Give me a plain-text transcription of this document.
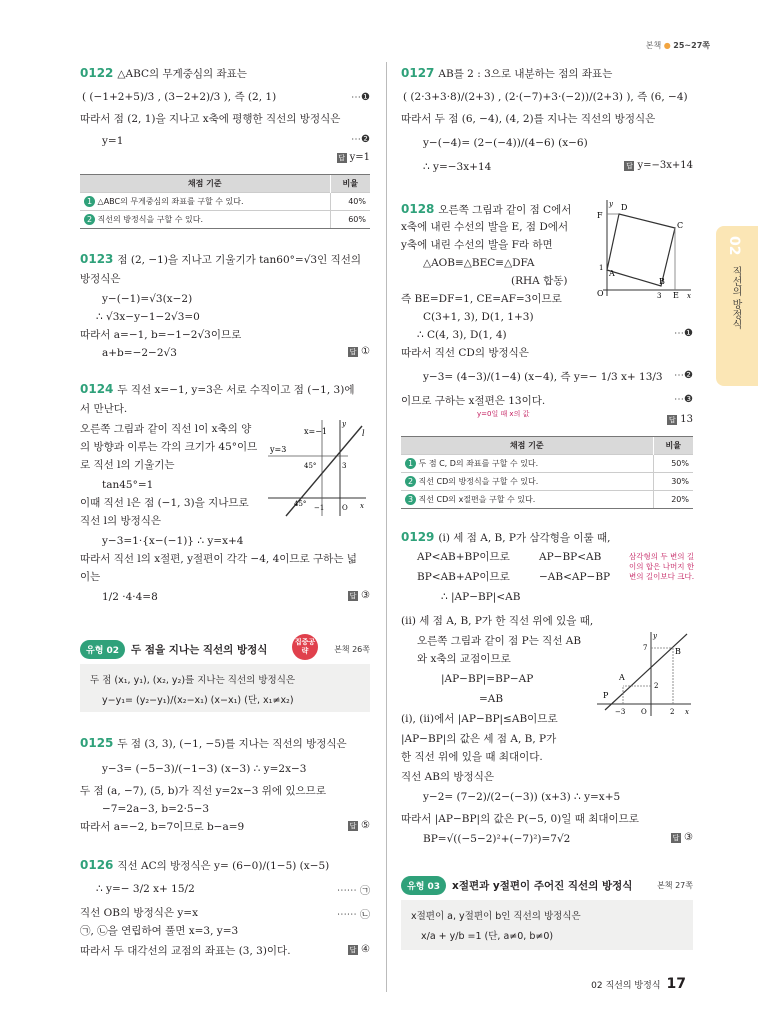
본책 ● 25~27쪽
02
직선의 방정식
0122 △ABC의 무게중심의 좌표는
( (−1+2+5)/3 , (3−2+2)/3 ), 즉 (2, 1)	⋯❶
따라서 점 (2, 1)을 지나고 x축에 평행한 직선의 방정식은
y=1	⋯❷
답 y=1
채점 기준	비율
1 △ABC의 무게중심의 좌표를 구할 수 있다.	40%
2 직선의 방정식을 구할 수 있다.	60%
0123 점 (2, −1)을 지나고 기울기가 tan60°=√3인 직선의
방정식은
y−(−1)=√3(x−2)
∴ √3x−y−1−2√3=0
따라서 a=−1, b=−1−2√3이므로
a+b=−2−2√3	답 ①
0124 두 직선 x=−1, y=3은 서로 수직이고 점 (−1, 3)에
서 만난다.
오른쪽 그림과 같이 직선 l이 x축의 양
의 방향과 이루는 각의 크기가 45°이므
로 직선 l의 기울기는
tan45°=1
이때 직선 l은 점 (−1, 3)을 지나므로
직선 l의 방정식은
y−3=1·{x−(−1)} ∴ y=x+4
따라서 직선 l의 x절편, y절편이 각각 −4, 4이므로 구하는 넓
이는
1/2 ·4·4=8	답 ③
x=−1
y=3
45°
45°
l
3
−1	O x
y
유형 02	두 점을 지나는 직선의 방정식	본책 26쪽
집중공략
두 점 (x₁, y₁), (x₂, y₂)를 지나는 직선의 방정식은
y−y₁= (y₂−y₁)/(x₂−x₁) (x−x₁) (단, x₁≠x₂)
0125 두 점 (3, 3), (−1, −5)를 지나는 직선의 방정식은
y−3= (−5−3)/(−1−3) (x−3) ∴ y=2x−3
두 점 (a, −7), (5, b)가 직선 y=2x−3 위에 있으므로
−7=2a−3, b=2·5−3
따라서 a=−2, b=7이므로 b−a=9	답 ⑤
0126 직선 AC의 방정식은 y= (6−0)/(1−5) (x−5)
∴ y=− 3/2 x+ 15/2	⋯⋯ ㉠
직선 OB의 방정식은 y=x	⋯⋯ ㉡
㉠, ㉡을 연립하여 풀면 x=3, y=3
따라서 두 대각선의 교점의 좌표는 (3, 3)이다.	답 ④
0127 AB를 2 : 3으로 내분하는 점의 좌표는
( (2·3+3·8)/(2+3) , (2·(−7)+3·(−2))/(2+3) ), 즉 (6, −4)
따라서 두 점 (6, −4), (4, 2)를 지나는 직선의 방정식은
y−(−4)= (2−(−4))/(4−6) (x−6)
∴ y=−3x+14	답 y=−3x+14
0128 오른쪽 그림과 같이 점 C에서
x축에 내린 수선의 발을 E, 점 D에서
y축에 내린 수선의 발을 F라 하면
△AOB≡△BEC≡△DFA
(RHA 합동)
즉 BE=DF=1, CE=AF=3이므로
C(3+1, 3), D(1, 1+3)
∴ C(4, 3), D(1, 4)	⋯❶
따라서 직선 CD의 방정식은
y−3= (4−3)/(1−4) (x−4), 즉 y=− 1/3 x+ 13/3 ⋯❷
이므로 구하는 x절편은 13이다.	⋯❸
y=0일 때 x의 값
답 13
F
D
C
A
B
O	E
1
3	x
y
채점 기준	비율
1 두 점 C, D의 좌표를 구할 수 있다.	50%
2 직선 CD의 방정식을 구할 수 있다.	30%
3 직선 CD의 x절편을 구할 수 있다.	20%
0129 (i) 세 점 A, B, P가 삼각형을 이룰 때,
AP<AB+BP이므로	AP−BP<AB
BP<AB+AP이므로	−AB<AP−BP
∴ |AP−BP|<AB
삼각형의 두 변의 길이의 합은 나머지 한 변의 길이보다 크다.
(ii) 세 점 A, B, P가 한 직선 위에 있을 때,
오른쪽 그림과 같이 점 P는 직선 AB
와 x축의 교점이므로
|AP−BP|=BP−AP
=AB
(i), (ii)에서 |AP−BP|≤AB이므로
|AP−BP|의 값은 세 점 A, B, P가
한 직선 위에 있을 때 최대이다.
직선 AB의 방정식은
y−2= (7−2)/(2−(−3)) (x+3) ∴ y=x+5
따라서 |AP−BP|의 값은 P(−5, 0)일 때 최대이므로
BP=√((−5−2)²+(−7)²)=7√2	답 ③
B
A
P
O
7
2
−3	2 x
y
유형 03	x절편과 y절편이 주어진 직선의 방정식	본책 27쪽
x절편이 a, y절편이 b인 직선의 방정식은
x/a + y/b =1 (단, a≠0, b≠0)
02 직선의 방정식 17
